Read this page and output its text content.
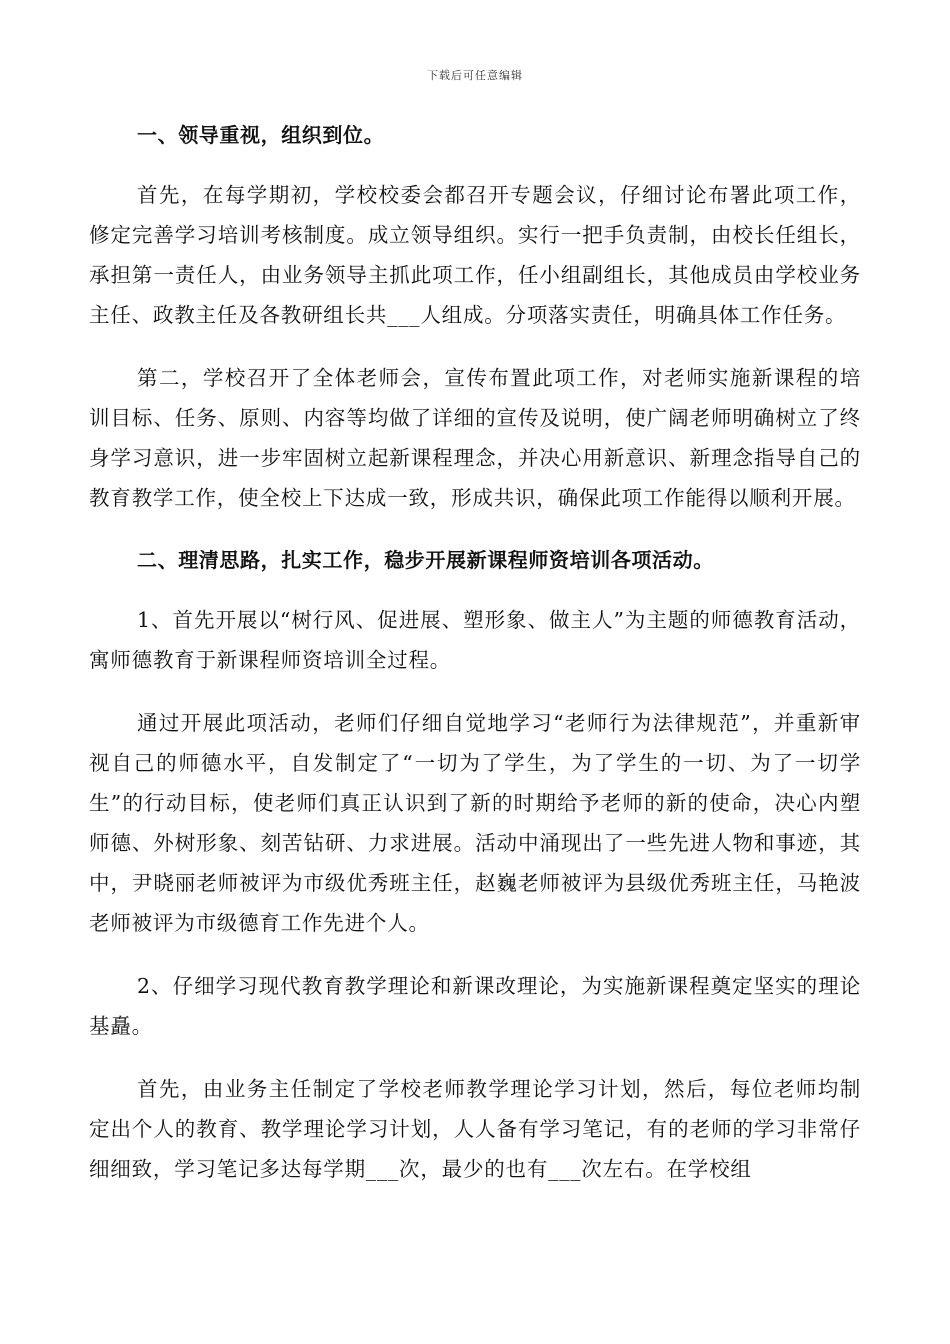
下载后可任意编辑
一、领导重视，组织到位。

首先，在每学期初，学校校委会都召开专题会议，仔细讨论布署此项工作，修定完善学习培训考核制度。成立领导组织。实行一把手负责制，由校长任组长，承担第一责任人，由业务领导主抓此项工作，任小组副组长，其他成员由学校业务主任、政教主任及各教研组长共___人组成。分项落实责任，明确具体工作任务。

第二，学校召开了全体老师会，宣传布置此项工作，对老师实施新课程的培训目标、任务、原则、内容等均做了详细的宣传及说明，使广阔老师明确树立了终身学习意识，进一步牢固树立起新课程理念，并决心用新意识、新理念指导自己的教育教学工作，使全校上下达成一致，形成共识，确保此项工作能得以顺利开展。

二、理清思路，扎实工作，稳步开展新课程师资培训各项活动。

1、首先开展以“树行风、促进展、塑形象、做主人”为主题的师德教育活动，寓师德教育于新课程师资培训全过程。

通过开展此项活动，老师们仔细自觉地学习“老师行为法律规范”，并重新审视自己的师德水平，自发制定了“一切为了学生，为了学生的一切、为了一切学生”的行动目标，使老师们真正认识到了新的时期给予老师的新的使命，决心内塑师德、外树形象、刻苦钻研、力求进展。活动中涌现出了一些先进人物和事迹，其中，尹晓丽老师被评为市级优秀班主任，赵巍老师被评为县级优秀班主任，马艳波老师被评为市级德育工作先进个人。

2、仔细学习现代教育教学理论和新课改理论，为实施新课程奠定坚实的理论基矗。

首先，由业务主任制定了学校老师教学理论学习计划，然后，每位老师均制定出个人的教育、教学理论学习计划，人人备有学习笔记，有的老师的学习非常仔细细致，学习笔记多达每学期___次，最少的也有___次左右。在学校组
